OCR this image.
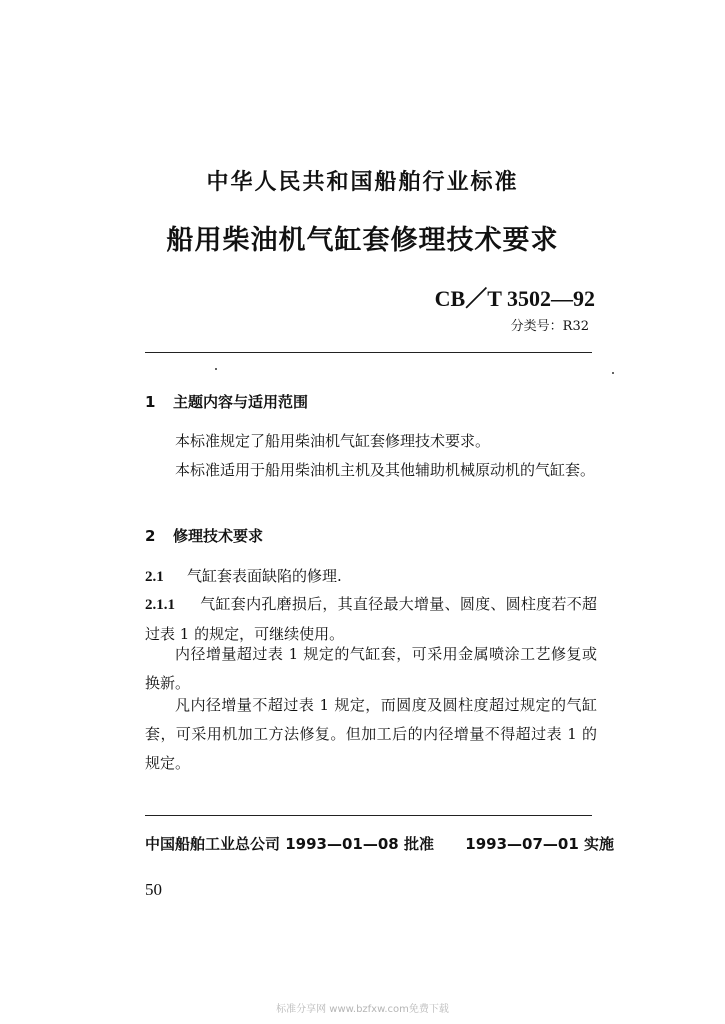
中华人民共和国船舶行业标准
船用柴油机气缸套修理技术要求
CB／T 3502—92
分类号：R32
1 主题内容与适用范围
本标准规定了船用柴油机气缸套修理技术要求。
本标准适用于船用柴油机主机及其他辅助机械原动机的气缸套。
2 修理技术要求
2.1 气缸套表面缺陷的修理.
2.1.1 气缸套内孔磨损后，其直径最大增量、圆度、圆柱度若不超过表 1 的规定，可继续使用。
内径增量超过表 1 规定的气缸套，可采用金属喷涂工艺修复或换新。
凡内径增量不超过表 1 规定，而圆度及圆柱度超过规定的气缸套，可采用机加工方法修复。但加工后的内径增量不得超过表 1 的规定。
中国船舶工业总公司 1993—01—08 批准      1993—07—01 实施
50
标准分享网 www.bzfxw.com免费下载
